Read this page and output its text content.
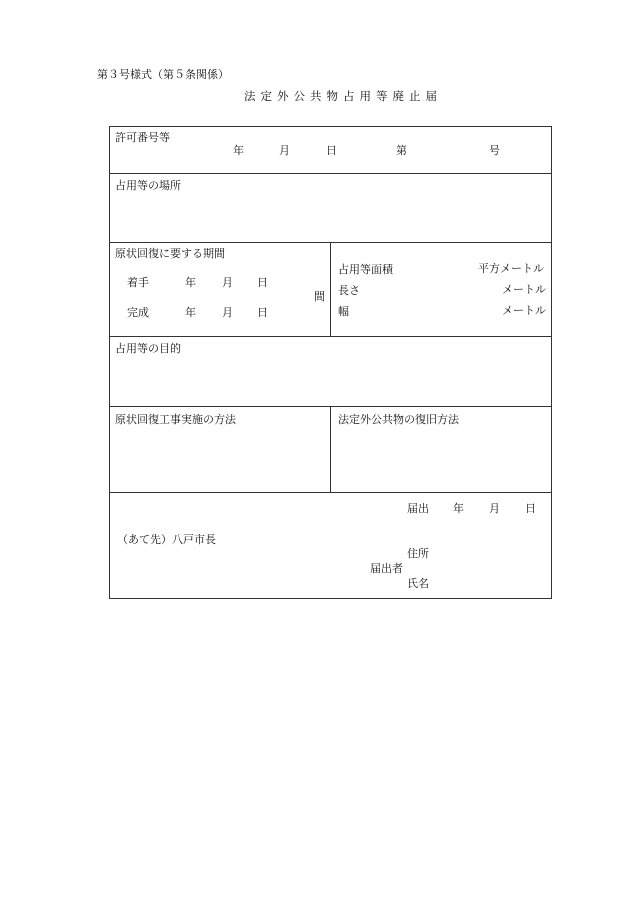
第３号様式（第５条関係）
法定外公共物占用等廃止届
許可番号等
年	月	日	第	号
占用等の場所
原状回復に要する期間
着手	年 月 日
間
完成	年 月 日
占用等面積	平方メートル
長さ	メートル
幅	メートル
占用等の目的
原状回復工事実施の方法	法定外公共物の復旧方法
届出 年 月 日
（あて先）八戸市長
住所
届出者
氏名
